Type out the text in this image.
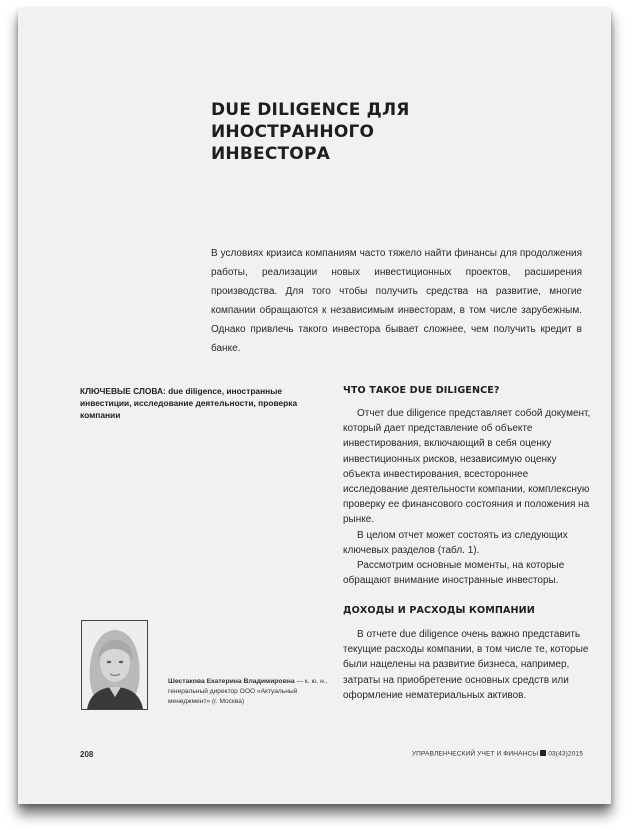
DUE DILIGENCE ДЛЯ ИНОСТРАННОГО
ИНВЕСТОРА

В условиях кризиса компаниям часто тяжело найти финансы для продолжения работы, реализации новых инвестиционных проектов, расширения производства. Для того чтобы получить средства на развитие, многие компании обращаются к независимым инвесторам, в том числе зарубежным. Однако привлечь такого инвестора бывает сложнее, чем получить кредит в банке.

КЛЮЧЕВЫЕ СЛОВА: due diligence, иностранные инвестиции, исследование деятельности, проверка компании

ЧТО ТАКОЕ DUE DILIGENCE?

Отчет due diligence представляет собой документ, который дает представление об объекте инвестирования, включающий в себя оценку инвестиционных рисков, независимую оценку объекта инвестирования, всестороннее исследование деятельности компании, комплексную проверку ее финансового состояния и положения на рынке.

В целом отчет может состоять из следующих ключевых разделов (табл. 1).

Рассмотрим основные моменты, на которые обращают внимание иностранные инвесторы.

ДОХОДЫ И РАСХОДЫ КОМПАНИИ

В отчете due diligence очень важно представить текущие расходы компании, в том числе те, которые были нацелены на развитие бизнеса, например, затраты на приобретение основных средств или оформление нематериальных активов.

Шестакова Екатерина Владимировна — к. ю. н., генеральный директор ООО «Актуальный менеджмент» (г. Москва)

208	УПРАВЛЕНЧЕСКИЙ УЧЕТ И ФИНАНСЫ 03(43)2015
